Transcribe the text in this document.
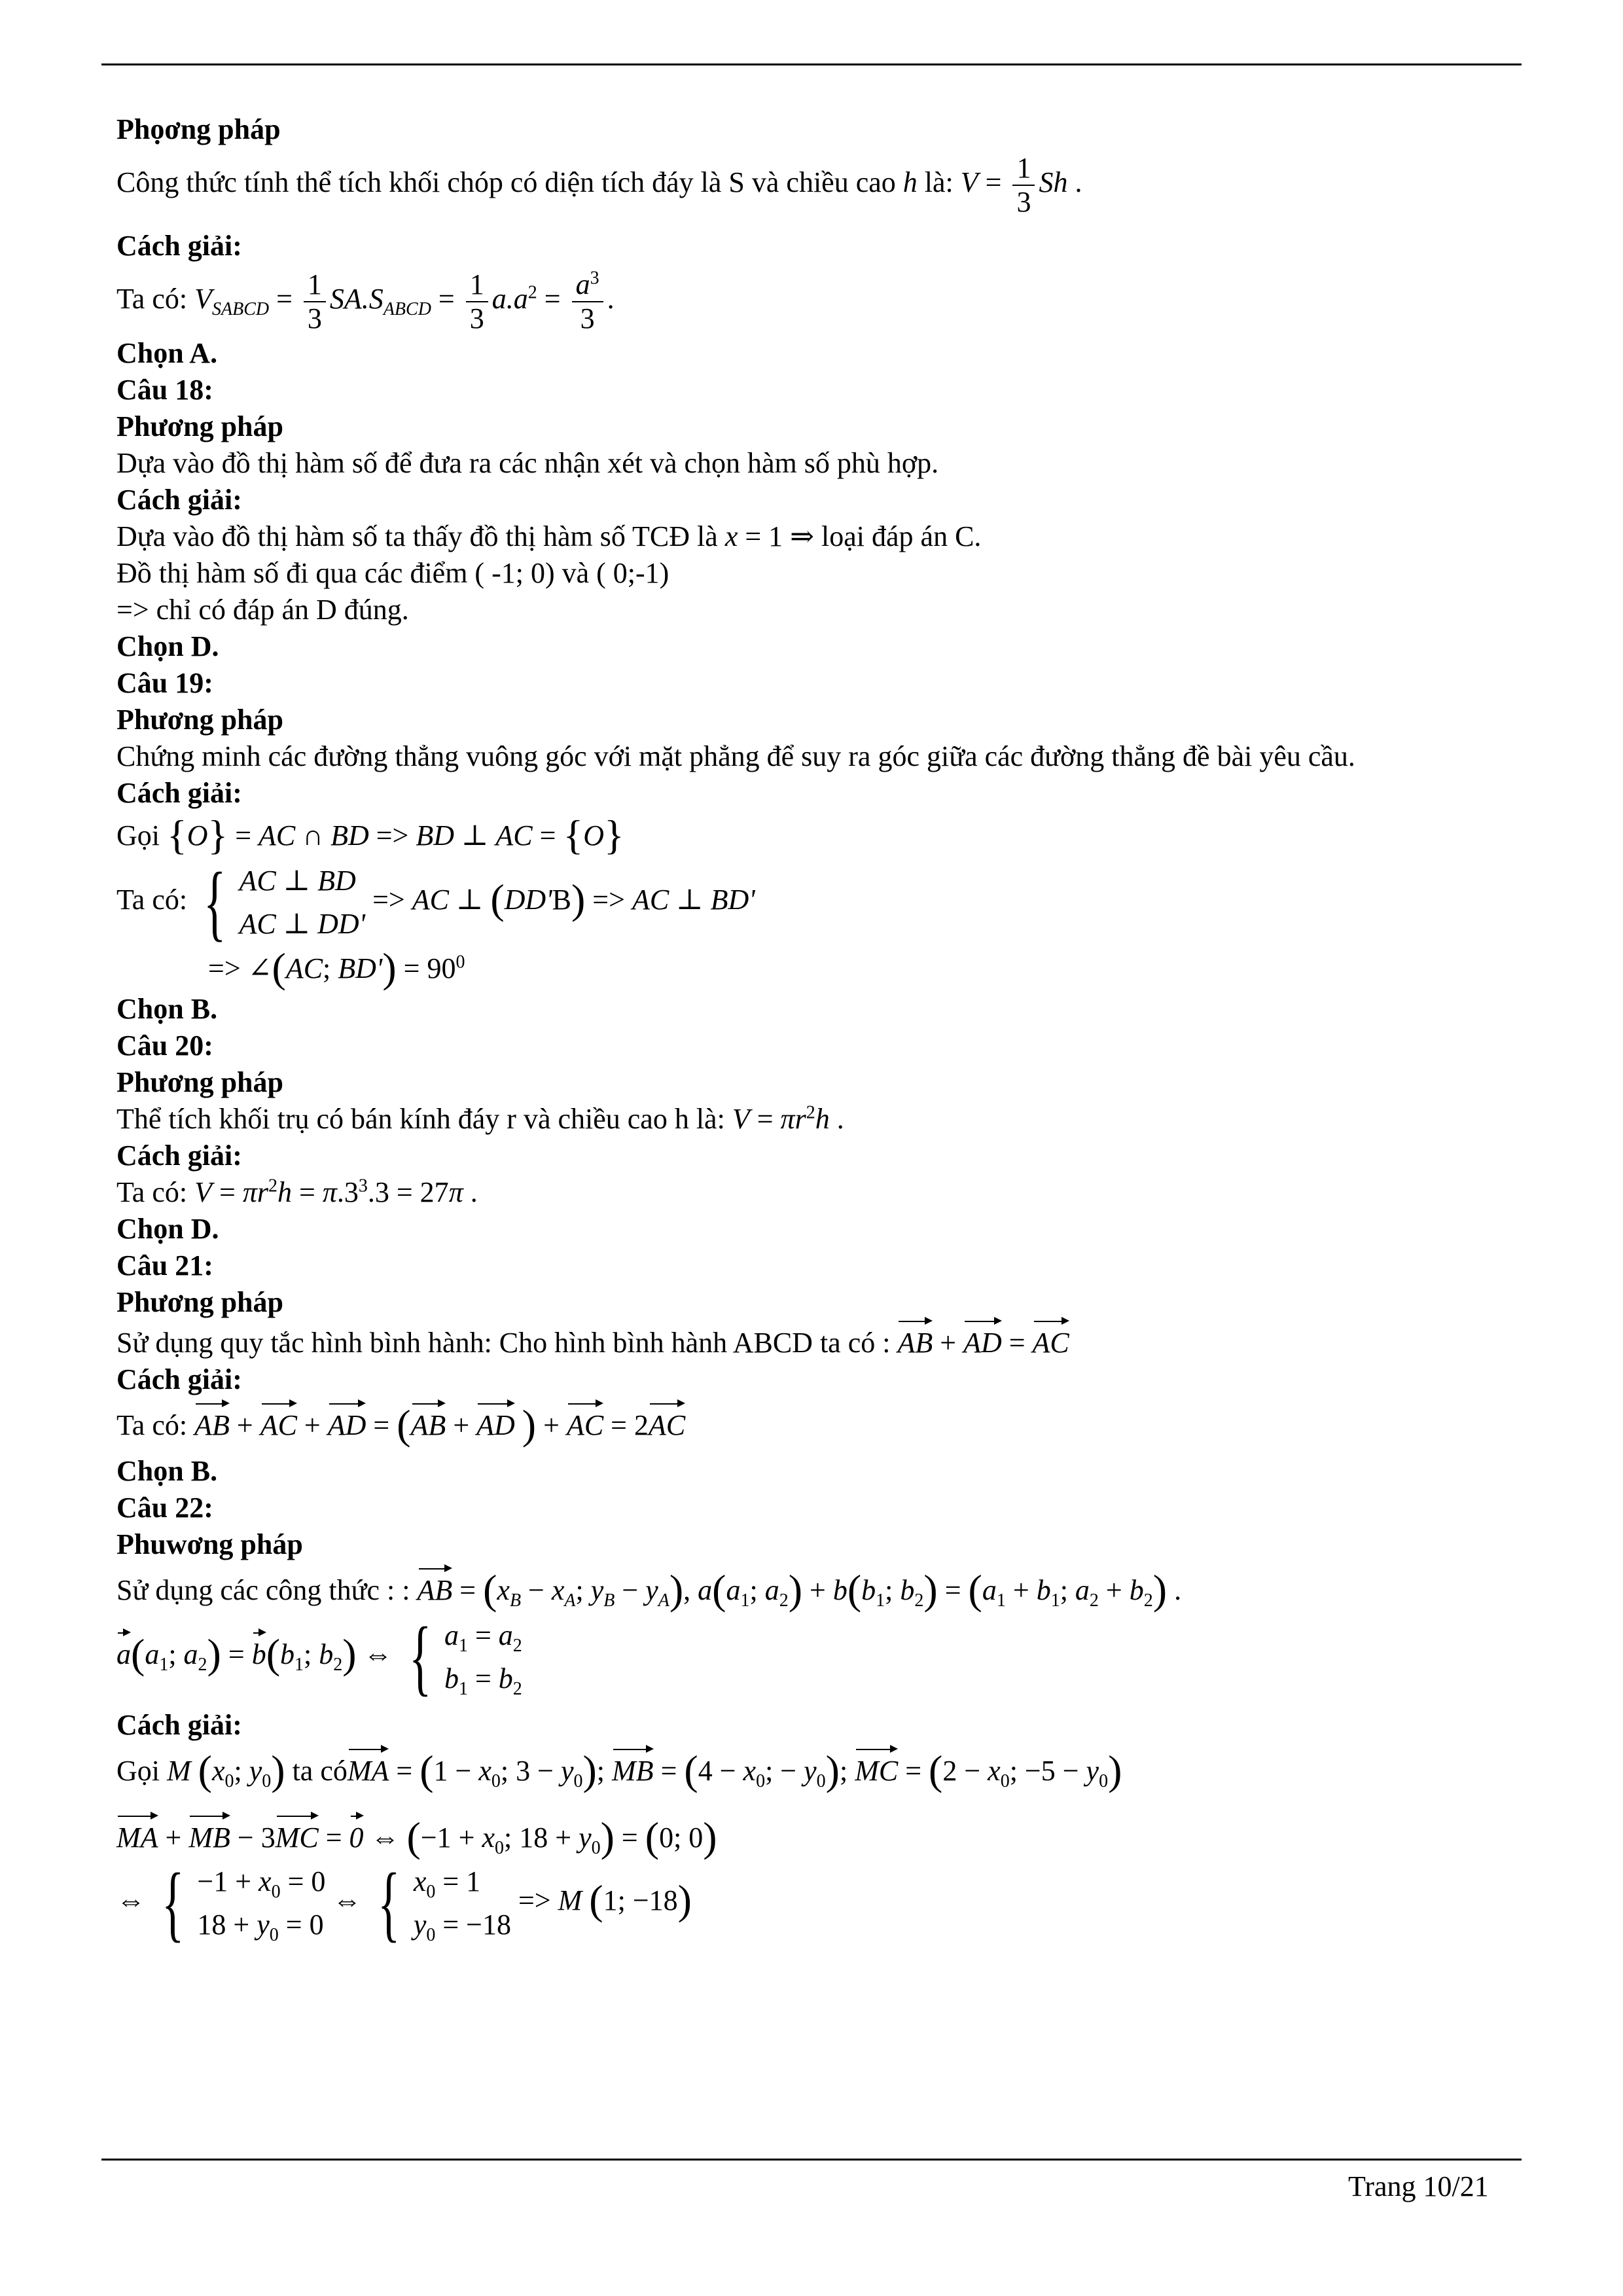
Phọơng pháp

Công thức tính thể tích khối chóp có diện tích đáy là S và chiều cao h là: $V = \frac{1}{3}$ Sh .

Cách giải:

Ta có: $V_{SABCD} = \frac{1}{3} SA.S_{ABCD} = \frac{1}{3} a.a^2 = \frac{a^3}{3}$ .

Chọn A.

Câu 18:

Phương pháp

Dựa vào đồ thị hàm số để đưa ra các nhận xét và chọn hàm số phù hợp.

Cách giải:

Dựa vào đồ thị hàm số ta thấy đồ thị hàm số TCĐ là x = 1 ⇒ loại đáp án C.

Đồ thị hàm số đi qua các điểm ( -1; 0) và ( 0;-1)

=> chỉ có đáp án D đúng.

Chọn D.

Câu 19:

Phương pháp

Chứng minh các đường thẳng vuông góc với mặt phẳng để suy ra góc giữa các đường thẳng đề bài yêu cầu.

Cách giải:

Gọi {O} = AC ∩ BD => BD ⊥ AC = {O}

Ta có: { AC ⊥ BD
AC ⊥ DD'
=> AC ⊥ (DD'B) => AC ⊥ BD'

=> ∠(AC; $BD') = 90^0$

Chọn B.

Câu 20:

Phương pháp

Thể tích khối trụ có bán kính đáy r và chiều cao h là: $V = \pi r^2h$ .

Cách giải:

Ta có: $V = \pi r^2h = \pi.3^3.3 = 27\pi$ .

Chọn D.

Câu 21:

Phương pháp

Sử dụng quy tắc hình bình hành: Cho hình bình hành ABCD ta có : AB + AD = AC

Cách giải:

Ta có: AB + AC + AD = (AB + AD ) + AC = 2AC

Chọn B.

Câu 22:

Phuwơng pháp

Sử dụng các công thức : : AB = ($x_B - x_A$; $y_B - y_A$), $a(a_1$; $a_2) + b(b_1$; $b_2) = (a_1 + b_1$; $a_2 + b_2$) .

$a(a_1$; $a_2) = b(b_1$; $b_2$) ⇔ { $a_1 = a_2$
$b_1 = b_2$

Cách giải:

Gọi M ($x_0$; $y_0$) ta cóMA = ($1 - x_0$; $3 - y_0$); MB = ($4 - x_0$; − $y_0$); MC = ($2 - x_0$; $-5 - y_0$)

MA + MB − 3MC = 0 ⇔ ($-1 + x_0$; $18 + y_0) = (0$; 0)

⇔ { $-1 + x_0 = 0$
$18 + y_0 = 0$
⇔ { $x_0 = 1$
$y_0 = -18$
=> M (1; −18)

Trang 10/21
